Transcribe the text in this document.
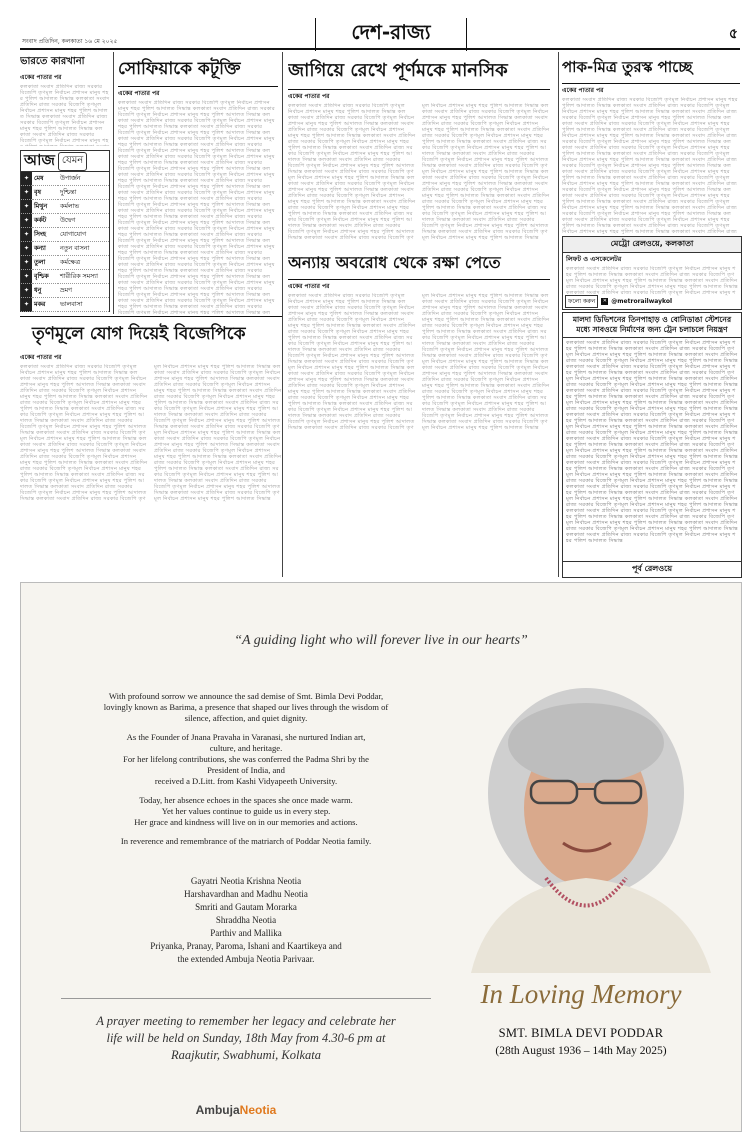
সংবাদ প্রতিদিন, কলকাতা ১৬ মে ২০২৫	দেশ-রাজ্য	৫
ভারতে কারখানা
একের পাতার পর
কলকাতা সংবাদ প্রতিদিন রাজ্য সরকার বিজেপি তৃণমূল নির্বাচন প্রশাসন মানুষ শহর পুলিশ আদালত সিদ্ধান্ত কলকাতা সংবাদ প্রতিদিন রাজ্য সরকার বিজেপি তৃণমূল নির্বাচন প্রশাসন মানুষ শহর পুলিশ আদালত সিদ্ধান্ত কলকাতা সংবাদ প্রতিদিন রাজ্য সরকার বিজেপি তৃণমূল নির্বাচন প্রশাসন মানুষ শহর পুলিশ আদালত সিদ্ধান্ত কলকাতা সংবাদ প্রতিদিন রাজ্য সরকার বিজেপি তৃণমূল নির্বাচন প্রশাসন মানুষ শহর পুলিশ আদালত সিদ্ধান্ত কলকাতা সংবাদ প্রতিদিন রাজ্য সরকার বিজেপি তৃণমূল নির্বাচন প্রশাসন মানুষ শহর পুলিশ আদালত সিদ্ধান্ত কলকাতা সংবাদ প্রতিদিন রাজ্য সরকার বিজেপি তৃণমূল নির্বাচন প্রশাসন মানুষ শহর পুলিশ আদালত সিদ্ধান্ত কলকাতা সংবাদ প্রতিদিন রাজ্য সরকার বিজেপি তৃণমূল নির্বাচন প্রশাসন মানুষ শহর পুলিশ আদালত সিদ্ধান্ত কলকাতা সংবাদ প্রতিদিন রাজ্য সরকার বিজেপি তৃণমূল নির্বাচন প্রশাসন মানুষ শহর পুলিশ আদালত সিদ্ধান্ত কলকাতা সংবাদ প্রতিদিন রাজ্য সরকার বিজেপি তৃণমূল নির্বাচন প্রশাসন মানুষ শহর পুলিশ আদালত সিদ্ধান্ত কলকাতা সংবাদ প্রতিদিন রাজ্য সরকার বিজেপি তৃণমূল নির্বাচন প্রশাসন মানুষ শহর পুলিশ আদালত সিদ্ধান্ত কলকাতা সংবাদ প্রতিদিন রাজ্য সরকার বিজেপি তৃণমূল নির্বাচন প্রশাসন মানুষ শহর পুলিশ আদালত সিদ্ধান্ত কলকাতা সংবাদ প্রতিদিন রাজ্য সরকার বিজেপি তৃণমূল নির্বাচন প্রশাসন মানুষ শহর পুলিশ আদালত সিদ্ধান্ত কলকাতা সংবাদ প্রতিদিন রাজ্য সরকার বিজেপি তৃণমূল নির্বাচন প্রশাসন মানুষ শহর পুলিশ আদালত সিদ্ধান্ত কলকাতা সংবাদ প্রতিদিন রাজ্য সরকার বিজেপি তৃণমূল নির্বাচন প্রশাসন মানুষ শহর পুলিশ আদালত সিদ্ধান্ত কলকাতা সংবাদ প্রতিদিন রাজ্য সরকার বিজেপি তৃণমূল নির্বাচন প্রশাসন মানুষ শহর পুলিশ আদালত সিদ্ধান্ত কলকাতা সংবাদ প্রতিদিন রাজ্য সরকার বিজেপি তৃণমূল নির্বাচন প্রশাসন মানুষ শহর পুলিশ আদালত সিদ্ধান্ত কলকাতা সংবাদ প্রতিদিন রাজ্য সরকার বিজেপি তৃণমূল নির্বাচন প্রশাসন মানুষ শহর পুলিশ আদালত সিদ্ধান্ত কলকাতা সংবাদ প্রতিদিন রাজ্য সরকার বিজেপি তৃণমূল নির্বাচন প্রশাসন মানুষ শহর পুলিশ আদালত সিদ্ধান্ত কলকাতা সংবাদ প্রতিদিন রাজ্য সরকার বিজেপি তৃণমূল নির্বাচন প্রশাসন মানুষ শহর পুলিশ আদালত সিদ্ধান্ত কলকাতা সংবাদ প্রতিদিন রাজ্য সরকার বিজেপি তৃণমূল নির্বাচন প্রশাসন মানুষ শহর পুলিশ আদালত সিদ্ধান্ত কলকাতা সংবাদ প্রতিদিন রাজ্য সরকার বিজেপি তৃণমূল নির্বাচন প্রশাসন মানুষ শহর পুলিশ আদালত সিদ্ধান্ত কলকাতা সংবাদ প্রতিদিন রাজ্য সরকার বিজেপি তৃণমূল নির্বাচন প্রশাসন মানুষ শহর পুলিশ আদালত সিদ্ধান্ত কলকাতা সংবাদ প্রতিদিন রাজ্য সরকার বিজেপি তৃণমূল নির্বাচন প্রশাসন মানুষ শহর পুলিশ আদালত সিদ্ধান্ত কলকাতা সংবাদ প্রতিদিন রাজ্য সরকার বিজেপি তৃণমূল নির্বাচন প্রশাসন মানুষ শহর পুলিশ আদালত সিদ্ধান্ত কলকাতা সংবাদ প্রতিদিন রাজ্য সরকার বিজেপি তৃণমূল নির্বাচন প্রশাসন মানুষ শহর পুলিশ আদালত সিদ্ধান্ত
আজ যেমন
✦	মেষ	উপার্জন
✦	বৃষ	দুশ্চিন্তা
✦	মিথুন	কর্মলাভ
✦	কর্কট	উদ্বেগ
✦	সিংহ	যোগাযোগ
✦	কন্যা	নতুন বাসনা
✦	তুলা	কর্মক্ষেত্র
✦	বৃশ্চিক	শারীরিক সমস্যা
✦	ধনু	ভ্রমণ
✦	মকর	ভালবাসা

সোফিয়াকে কটূক্তি
একের পাতার পর
কলকাতা সংবাদ প্রতিদিন রাজ্য সরকার বিজেপি তৃণমূল নির্বাচন প্রশাসন মানুষ শহর পুলিশ আদালত সিদ্ধান্ত কলকাতা সংবাদ প্রতিদিন রাজ্য সরকার বিজেপি তৃণমূল নির্বাচন প্রশাসন মানুষ শহর পুলিশ আদালত সিদ্ধান্ত কলকাতা সংবাদ প্রতিদিন রাজ্য সরকার বিজেপি তৃণমূল নির্বাচন প্রশাসন মানুষ শহর পুলিশ আদালত সিদ্ধান্ত কলকাতা সংবাদ প্রতিদিন রাজ্য সরকার বিজেপি তৃণমূল নির্বাচন প্রশাসন মানুষ শহর পুলিশ আদালত সিদ্ধান্ত কলকাতা সংবাদ প্রতিদিন রাজ্য সরকার বিজেপি তৃণমূল নির্বাচন প্রশাসন মানুষ শহর পুলিশ আদালত সিদ্ধান্ত কলকাতা সংবাদ প্রতিদিন রাজ্য সরকার বিজেপি তৃণমূল নির্বাচন প্রশাসন মানুষ শহর পুলিশ আদালত সিদ্ধান্ত কলকাতা সংবাদ প্রতিদিন রাজ্য সরকার বিজেপি তৃণমূল নির্বাচন প্রশাসন মানুষ শহর পুলিশ আদালত সিদ্ধান্ত কলকাতা সংবাদ প্রতিদিন রাজ্য সরকার বিজেপি তৃণমূল নির্বাচন প্রশাসন মানুষ শহর পুলিশ আদালত সিদ্ধান্ত কলকাতা সংবাদ প্রতিদিন রাজ্য সরকার বিজেপি তৃণমূল নির্বাচন প্রশাসন মানুষ শহর পুলিশ আদালত সিদ্ধান্ত কলকাতা সংবাদ প্রতিদিন রাজ্য সরকার বিজেপি তৃণমূল নির্বাচন প্রশাসন মানুষ শহর পুলিশ আদালত সিদ্ধান্ত কলকাতা সংবাদ প্রতিদিন রাজ্য সরকার বিজেপি তৃণমূল নির্বাচন প্রশাসন মানুষ শহর পুলিশ আদালত সিদ্ধান্ত কলকাতা সংবাদ প্রতিদিন রাজ্য সরকার বিজেপি তৃণমূল নির্বাচন প্রশাসন মানুষ শহর পুলিশ আদালত সিদ্ধান্ত কলকাতা সংবাদ প্রতিদিন রাজ্য সরকার বিজেপি তৃণমূল নির্বাচন প্রশাসন মানুষ শহর পুলিশ আদালত সিদ্ধান্ত কলকাতা সংবাদ প্রতিদিন রাজ্য সরকার বিজেপি তৃণমূল নির্বাচন প্রশাসন মানুষ শহর পুলিশ আদালত সিদ্ধান্ত কলকাতা সংবাদ প্রতিদিন রাজ্য সরকার বিজেপি তৃণমূল নির্বাচন প্রশাসন মানুষ শহর পুলিশ আদালত সিদ্ধান্ত কলকাতা সংবাদ প্রতিদিন রাজ্য সরকার বিজেপি তৃণমূল নির্বাচন প্রশাসন মানুষ শহর পুলিশ আদালত সিদ্ধান্ত কলকাতা সংবাদ প্রতিদিন রাজ্য সরকার বিজেপি তৃণমূল নির্বাচন প্রশাসন মানুষ শহর পুলিশ আদালত সিদ্ধান্ত কলকাতা সংবাদ প্রতিদিন রাজ্য সরকার বিজেপি তৃণমূল নির্বাচন প্রশাসন মানুষ শহর পুলিশ আদালত সিদ্ধান্ত কলকাতা সংবাদ প্রতিদিন রাজ্য সরকার বিজেপি তৃণমূল নির্বাচন প্রশাসন মানুষ শহর পুলিশ আদালত সিদ্ধান্ত কলকাতা সংবাদ প্রতিদিন রাজ্য সরকার বিজেপি তৃণমূল নির্বাচন প্রশাসন মানুষ শহর পুলিশ আদালত সিদ্ধান্ত কলকাতা সংবাদ প্রতিদিন রাজ্য সরকার বিজেপি তৃণমূল নির্বাচন প্রশাসন মানুষ শহর পুলিশ আদালত সিদ্ধান্ত কলকাতা সংবাদ প্রতিদিন রাজ্য সরকার বিজেপি তৃণমূল নির্বাচন প্রশাসন মানুষ শহর পুলিশ আদালত সিদ্ধান্ত কলকাতা সংবাদ প্রতিদিন রাজ্য সরকার বিজেপি তৃণমূল নির্বাচন প্রশাসন মানুষ শহর পুলিশ আদালত সিদ্ধান্ত কলকাতা সংবাদ প্রতিদিন রাজ্য সরকার বিজেপি তৃণমূল নির্বাচন প্রশাসন মানুষ শহর পুলিশ আদালত সিদ্ধান্ত কলকাতা সংবাদ প্রতিদিন রাজ্য সরকার বিজেপি তৃণমূল নির্বাচন প্রশাসন মানুষ শহর পুলিশ আদালত সিদ্ধান্ত
জাগিয়ে রেখে পূর্ণমকে মানসিক
একের পাতার পর
কলকাতা সংবাদ প্রতিদিন রাজ্য সরকার বিজেপি তৃণমূল নির্বাচন প্রশাসন মানুষ শহর পুলিশ আদালত সিদ্ধান্ত কলকাতা সংবাদ প্রতিদিন রাজ্য সরকার বিজেপি তৃণমূল নির্বাচন প্রশাসন মানুষ শহর পুলিশ আদালত সিদ্ধান্ত কলকাতা সংবাদ প্রতিদিন রাজ্য সরকার বিজেপি তৃণমূল নির্বাচন প্রশাসন মানুষ শহর পুলিশ আদালত সিদ্ধান্ত কলকাতা সংবাদ প্রতিদিন রাজ্য সরকার বিজেপি তৃণমূল নির্বাচন প্রশাসন মানুষ শহর পুলিশ আদালত সিদ্ধান্ত কলকাতা সংবাদ প্রতিদিন রাজ্য সরকার বিজেপি তৃণমূল নির্বাচন প্রশাসন মানুষ শহর পুলিশ আদালত সিদ্ধান্ত কলকাতা সংবাদ প্রতিদিন রাজ্য সরকার বিজেপি তৃণমূল নির্বাচন প্রশাসন মানুষ শহর পুলিশ আদালত সিদ্ধান্ত কলকাতা সংবাদ প্রতিদিন রাজ্য সরকার বিজেপি তৃণমূল নির্বাচন প্রশাসন মানুষ শহর পুলিশ আদালত সিদ্ধান্ত কলকাতা সংবাদ প্রতিদিন রাজ্য সরকার বিজেপি তৃণমূল নির্বাচন প্রশাসন মানুষ শহর পুলিশ আদালত সিদ্ধান্ত কলকাতা সংবাদ প্রতিদিন রাজ্য সরকার বিজেপি তৃণমূল নির্বাচন প্রশাসন মানুষ শহর পুলিশ আদালত সিদ্ধান্ত কলকাতা সংবাদ প্রতিদিন রাজ্য সরকার বিজেপি তৃণমূল নির্বাচন প্রশাসন মানুষ শহর পুলিশ আদালত সিদ্ধান্ত কলকাতা সংবাদ প্রতিদিন রাজ্য সরকার বিজেপি তৃণমূল নির্বাচন প্রশাসন মানুষ শহর পুলিশ আদালত সিদ্ধান্ত কলকাতা সংবাদ প্রতিদিন রাজ্য সরকার বিজেপি তৃণমূল নির্বাচন প্রশাসন মানুষ শহর পুলিশ আদালত সিদ্ধান্ত কলকাতা সংবাদ প্রতিদিন রাজ্য সরকার বিজেপি তৃণমূল নির্বাচন প্রশাসন মানুষ শহর পুলিশ আদালত সিদ্ধান্ত কলকাতা সংবাদ প্রতিদিন রাজ্য সরকার বিজেপি তৃণমূল নির্বাচন প্রশাসন মানুষ শহর পুলিশ আদালত সিদ্ধান্ত কলকাতা সংবাদ প্রতিদিন রাজ্য সরকার বিজেপি তৃণমূল নির্বাচন প্রশাসন মানুষ শহর পুলিশ আদালত সিদ্ধান্ত কলকাতা সংবাদ প্রতিদিন রাজ্য সরকার বিজেপি তৃণমূল নির্বাচন প্রশাসন মানুষ শহর পুলিশ আদালত সিদ্ধান্ত কলকাতা সংবাদ প্রতিদিন রাজ্য সরকার বিজেপি তৃণমূল নির্বাচন প্রশাসন মানুষ শহর পুলিশ আদালত সিদ্ধান্ত কলকাতা সংবাদ প্রতিদিন রাজ্য সরকার বিজেপি তৃণমূল নির্বাচন প্রশাসন মানুষ শহর পুলিশ আদালত সিদ্ধান্ত কলকাতা সংবাদ প্রতিদিন রাজ্য সরকার বিজেপি তৃণমূল নির্বাচন প্রশাসন মানুষ শহর পুলিশ আদালত সিদ্ধান্ত কলকাতা সংবাদ প্রতিদিন রাজ্য সরকার বিজেপি তৃণমূল নির্বাচন প্রশাসন মানুষ শহর পুলিশ আদালত সিদ্ধান্ত কলকাতা সংবাদ প্রতিদিন রাজ্য সরকার বিজেপি তৃণমূল নির্বাচন প্রশাসন মানুষ শহর পুলিশ আদালত সিদ্ধান্ত কলকাতা সংবাদ প্রতিদিন রাজ্য সরকার বিজেপি তৃণমূল নির্বাচন প্রশাসন মানুষ শহর পুলিশ আদালত সিদ্ধান্ত কলকাতা সংবাদ প্রতিদিন রাজ্য সরকার বিজেপি তৃণমূল নির্বাচন প্রশাসন মানুষ শহর পুলিশ আদালত সিদ্ধান্ত কলকাতা সংবাদ প্রতিদিন রাজ্য সরকার বিজেপি তৃণমূল নির্বাচন প্রশাসন মানুষ শহর পুলিশ আদালত সিদ্ধান্ত কলকাতা সংবাদ প্রতিদিন রাজ্য সরকার বিজেপি তৃণমূল নির্বাচন প্রশাসন মানুষ শহর পুলিশ আদালত সিদ্ধান্ত
অন্যায় অবরোধ থেকে রক্ষা পেতে
একের পাতার পর
কলকাতা সংবাদ প্রতিদিন রাজ্য সরকার বিজেপি তৃণমূল নির্বাচন প্রশাসন মানুষ শহর পুলিশ আদালত সিদ্ধান্ত কলকাতা সংবাদ প্রতিদিন রাজ্য সরকার বিজেপি তৃণমূল নির্বাচন প্রশাসন মানুষ শহর পুলিশ আদালত সিদ্ধান্ত কলকাতা সংবাদ প্রতিদিন রাজ্য সরকার বিজেপি তৃণমূল নির্বাচন প্রশাসন মানুষ শহর পুলিশ আদালত সিদ্ধান্ত কলকাতা সংবাদ প্রতিদিন রাজ্য সরকার বিজেপি তৃণমূল নির্বাচন প্রশাসন মানুষ শহর পুলিশ আদালত সিদ্ধান্ত কলকাতা সংবাদ প্রতিদিন রাজ্য সরকার বিজেপি তৃণমূল নির্বাচন প্রশাসন মানুষ শহর পুলিশ আদালত সিদ্ধান্ত কলকাতা সংবাদ প্রতিদিন রাজ্য সরকার বিজেপি তৃণমূল নির্বাচন প্রশাসন মানুষ শহর পুলিশ আদালত সিদ্ধান্ত কলকাতা সংবাদ প্রতিদিন রাজ্য সরকার বিজেপি তৃণমূল নির্বাচন প্রশাসন মানুষ শহর পুলিশ আদালত সিদ্ধান্ত কলকাতা সংবাদ প্রতিদিন রাজ্য সরকার বিজেপি তৃণমূল নির্বাচন প্রশাসন মানুষ শহর পুলিশ আদালত সিদ্ধান্ত কলকাতা সংবাদ প্রতিদিন রাজ্য সরকার বিজেপি তৃণমূল নির্বাচন প্রশাসন মানুষ শহর পুলিশ আদালত সিদ্ধান্ত কলকাতা সংবাদ প্রতিদিন রাজ্য সরকার বিজেপি তৃণমূল নির্বাচন প্রশাসন মানুষ শহর পুলিশ আদালত সিদ্ধান্ত কলকাতা সংবাদ প্রতিদিন রাজ্য সরকার বিজেপি তৃণমূল নির্বাচন প্রশাসন মানুষ শহর পুলিশ আদালত সিদ্ধান্ত কলকাতা সংবাদ প্রতিদিন রাজ্য সরকার বিজেপি তৃণমূল নির্বাচন প্রশাসন মানুষ শহর পুলিশ আদালত সিদ্ধান্ত কলকাতা সংবাদ প্রতিদিন রাজ্য সরকার বিজেপি তৃণমূল নির্বাচন প্রশাসন মানুষ শহর পুলিশ আদালত সিদ্ধান্ত কলকাতা সংবাদ প্রতিদিন রাজ্য সরকার বিজেপি তৃণমূল নির্বাচন প্রশাসন মানুষ শহর পুলিশ আদালত সিদ্ধান্ত কলকাতা সংবাদ প্রতিদিন রাজ্য সরকার বিজেপি তৃণমূল নির্বাচন প্রশাসন মানুষ শহর পুলিশ আদালত সিদ্ধান্ত কলকাতা সংবাদ প্রতিদিন রাজ্য সরকার বিজেপি তৃণমূল নির্বাচন প্রশাসন মানুষ শহর পুলিশ আদালত সিদ্ধান্ত কলকাতা সংবাদ প্রতিদিন রাজ্য সরকার বিজেপি তৃণমূল নির্বাচন প্রশাসন মানুষ শহর পুলিশ আদালত সিদ্ধান্ত কলকাতা সংবাদ প্রতিদিন রাজ্য সরকার বিজেপি তৃণমূল নির্বাচন প্রশাসন মানুষ শহর পুলিশ আদালত সিদ্ধান্ত কলকাতা সংবাদ প্রতিদিন রাজ্য সরকার বিজেপি তৃণমূল নির্বাচন প্রশাসন মানুষ শহর পুলিশ আদালত সিদ্ধান্ত কলকাতা সংবাদ প্রতিদিন রাজ্য সরকার বিজেপি তৃণমূল নির্বাচন প্রশাসন মানুষ শহর পুলিশ আদালত সিদ্ধান্ত কলকাতা সংবাদ প্রতিদিন রাজ্য সরকার বিজেপি তৃণমূল নির্বাচন প্রশাসন মানুষ শহর পুলিশ আদালত সিদ্ধান্ত কলকাতা সংবাদ প্রতিদিন রাজ্য সরকার বিজেপি তৃণমূল নির্বাচন প্রশাসন মানুষ শহর পুলিশ আদালত সিদ্ধান্ত কলকাতা সংবাদ প্রতিদিন রাজ্য সরকার বিজেপি তৃণমূল নির্বাচন প্রশাসন মানুষ শহর পুলিশ আদালত সিদ্ধান্ত কলকাতা সংবাদ প্রতিদিন রাজ্য সরকার বিজেপি তৃণমূল নির্বাচন প্রশাসন মানুষ শহর পুলিশ আদালত সিদ্ধান্ত কলকাতা সংবাদ প্রতিদিন রাজ্য সরকার বিজেপি তৃণমূল নির্বাচন প্রশাসন মানুষ শহর পুলিশ আদালত সিদ্ধান্ত
তৃণমূলে যোগ দিয়েই বিজেপিকে
একের পাতার পর
কলকাতা সংবাদ প্রতিদিন রাজ্য সরকার বিজেপি তৃণমূল নির্বাচন প্রশাসন মানুষ শহর পুলিশ আদালত সিদ্ধান্ত কলকাতা সংবাদ প্রতিদিন রাজ্য সরকার বিজেপি তৃণমূল নির্বাচন প্রশাসন মানুষ শহর পুলিশ আদালত সিদ্ধান্ত কলকাতা সংবাদ প্রতিদিন রাজ্য সরকার বিজেপি তৃণমূল নির্বাচন প্রশাসন মানুষ শহর পুলিশ আদালত সিদ্ধান্ত কলকাতা সংবাদ প্রতিদিন রাজ্য সরকার বিজেপি তৃণমূল নির্বাচন প্রশাসন মানুষ শহর পুলিশ আদালত সিদ্ধান্ত কলকাতা সংবাদ প্রতিদিন রাজ্য সরকার বিজেপি তৃণমূল নির্বাচন প্রশাসন মানুষ শহর পুলিশ আদালত সিদ্ধান্ত কলকাতা সংবাদ প্রতিদিন রাজ্য সরকার বিজেপি তৃণমূল নির্বাচন প্রশাসন মানুষ শহর পুলিশ আদালত সিদ্ধান্ত কলকাতা সংবাদ প্রতিদিন রাজ্য সরকার বিজেপি তৃণমূল নির্বাচন প্রশাসন মানুষ শহর পুলিশ আদালত সিদ্ধান্ত কলকাতা সংবাদ প্রতিদিন রাজ্য সরকার বিজেপি তৃণমূল নির্বাচন প্রশাসন মানুষ শহর পুলিশ আদালত সিদ্ধান্ত কলকাতা সংবাদ প্রতিদিন রাজ্য সরকার বিজেপি তৃণমূল নির্বাচন প্রশাসন মানুষ শহর পুলিশ আদালত সিদ্ধান্ত কলকাতা সংবাদ প্রতিদিন রাজ্য সরকার বিজেপি তৃণমূল নির্বাচন প্রশাসন মানুষ শহর পুলিশ আদালত সিদ্ধান্ত কলকাতা সংবাদ প্রতিদিন রাজ্য সরকার বিজেপি তৃণমূল নির্বাচন প্রশাসন মানুষ শহর পুলিশ আদালত সিদ্ধান্ত কলকাতা সংবাদ প্রতিদিন রাজ্য সরকার বিজেপি তৃণমূল নির্বাচন প্রশাসন মানুষ শহর পুলিশ আদালত সিদ্ধান্ত কলকাতা সংবাদ প্রতিদিন রাজ্য সরকার বিজেপি তৃণমূল নির্বাচন প্রশাসন মানুষ শহর পুলিশ আদালত সিদ্ধান্ত কলকাতা সংবাদ প্রতিদিন রাজ্য সরকার বিজেপি তৃণমূল নির্বাচন প্রশাসন মানুষ শহর পুলিশ আদালত সিদ্ধান্ত কলকাতা সংবাদ প্রতিদিন রাজ্য সরকার বিজেপি তৃণমূল নির্বাচন প্রশাসন মানুষ শহর পুলিশ আদালত সিদ্ধান্ত কলকাতা সংবাদ প্রতিদিন রাজ্য সরকার বিজেপি তৃণমূল নির্বাচন প্রশাসন মানুষ শহর পুলিশ আদালত সিদ্ধান্ত কলকাতা সংবাদ প্রতিদিন রাজ্য সরকার বিজেপি তৃণমূল নির্বাচন প্রশাসন মানুষ শহর পুলিশ আদালত সিদ্ধান্ত কলকাতা সংবাদ প্রতিদিন রাজ্য সরকার বিজেপি তৃণমূল নির্বাচন প্রশাসন মানুষ শহর পুলিশ আদালত সিদ্ধান্ত কলকাতা সংবাদ প্রতিদিন রাজ্য সরকার বিজেপি তৃণমূল নির্বাচন প্রশাসন মানুষ শহর পুলিশ আদালত সিদ্ধান্ত কলকাতা সংবাদ প্রতিদিন রাজ্য সরকার বিজেপি তৃণমূল নির্বাচন প্রশাসন মানুষ শহর পুলিশ আদালত সিদ্ধান্ত কলকাতা সংবাদ প্রতিদিন রাজ্য সরকার বিজেপি তৃণমূল নির্বাচন প্রশাসন মানুষ শহর পুলিশ আদালত সিদ্ধান্ত কলকাতা সংবাদ প্রতিদিন রাজ্য সরকার বিজেপি তৃণমূল নির্বাচন প্রশাসন মানুষ শহর পুলিশ আদালত সিদ্ধান্ত কলকাতা সংবাদ প্রতিদিন রাজ্য সরকার বিজেপি তৃণমূল নির্বাচন প্রশাসন মানুষ শহর পুলিশ আদালত সিদ্ধান্ত কলকাতা সংবাদ প্রতিদিন রাজ্য সরকার বিজেপি তৃণমূল নির্বাচন প্রশাসন মানুষ শহর পুলিশ আদালত সিদ্ধান্ত কলকাতা সংবাদ প্রতিদিন রাজ্য সরকার বিজেপি তৃণমূল নির্বাচন প্রশাসন মানুষ শহর পুলিশ আদালত সিদ্ধান্ত
পাক-মিত্র তুরস্ক পাচ্ছে
একের পাতার পর
কলকাতা সংবাদ প্রতিদিন রাজ্য সরকার বিজেপি তৃণমূল নির্বাচন প্রশাসন মানুষ শহর পুলিশ আদালত সিদ্ধান্ত কলকাতা সংবাদ প্রতিদিন রাজ্য সরকার বিজেপি তৃণমূল নির্বাচন প্রশাসন মানুষ শহর পুলিশ আদালত সিদ্ধান্ত কলকাতা সংবাদ প্রতিদিন রাজ্য সরকার বিজেপি তৃণমূল নির্বাচন প্রশাসন মানুষ শহর পুলিশ আদালত সিদ্ধান্ত কলকাতা সংবাদ প্রতিদিন রাজ্য সরকার বিজেপি তৃণমূল নির্বাচন প্রশাসন মানুষ শহর পুলিশ আদালত সিদ্ধান্ত কলকাতা সংবাদ প্রতিদিন রাজ্য সরকার বিজেপি তৃণমূল নির্বাচন প্রশাসন মানুষ শহর পুলিশ আদালত সিদ্ধান্ত কলকাতা সংবাদ প্রতিদিন রাজ্য সরকার বিজেপি তৃণমূল নির্বাচন প্রশাসন মানুষ শহর পুলিশ আদালত সিদ্ধান্ত কলকাতা সংবাদ প্রতিদিন রাজ্য সরকার বিজেপি তৃণমূল নির্বাচন প্রশাসন মানুষ শহর পুলিশ আদালত সিদ্ধান্ত কলকাতা সংবাদ প্রতিদিন রাজ্য সরকার বিজেপি তৃণমূল নির্বাচন প্রশাসন মানুষ শহর পুলিশ আদালত সিদ্ধান্ত কলকাতা সংবাদ প্রতিদিন রাজ্য সরকার বিজেপি তৃণমূল নির্বাচন প্রশাসন মানুষ শহর পুলিশ আদালত সিদ্ধান্ত কলকাতা সংবাদ প্রতিদিন রাজ্য সরকার বিজেপি তৃণমূল নির্বাচন প্রশাসন মানুষ শহর পুলিশ আদালত সিদ্ধান্ত কলকাতা সংবাদ প্রতিদিন রাজ্য সরকার বিজেপি তৃণমূল নির্বাচন প্রশাসন মানুষ শহর পুলিশ আদালত সিদ্ধান্ত কলকাতা সংবাদ প্রতিদিন রাজ্য সরকার বিজেপি তৃণমূল নির্বাচন প্রশাসন মানুষ শহর পুলিশ আদালত সিদ্ধান্ত কলকাতা সংবাদ প্রতিদিন রাজ্য সরকার বিজেপি তৃণমূল নির্বাচন প্রশাসন মানুষ শহর পুলিশ আদালত সিদ্ধান্ত কলকাতা সংবাদ প্রতিদিন রাজ্য সরকার বিজেপি তৃণমূল নির্বাচন প্রশাসন মানুষ শহর পুলিশ আদালত সিদ্ধান্ত কলকাতা সংবাদ প্রতিদিন রাজ্য সরকার বিজেপি তৃণমূল নির্বাচন প্রশাসন মানুষ শহর পুলিশ আদালত সিদ্ধান্ত কলকাতা সংবাদ প্রতিদিন রাজ্য সরকার বিজেপি তৃণমূল নির্বাচন প্রশাসন মানুষ শহর পুলিশ আদালত সিদ্ধান্ত কলকাতা সংবাদ প্রতিদিন রাজ্য সরকার বিজেপি তৃণমূল নির্বাচন প্রশাসন মানুষ শহর পুলিশ আদালত সিদ্ধান্ত কলকাতা সংবাদ প্রতিদিন রাজ্য সরকার বিজেপি তৃণমূল নির্বাচন প্রশাসন মানুষ শহর পুলিশ আদালত সিদ্ধান্ত কলকাতা সংবাদ প্রতিদিন রাজ্য সরকার বিজেপি তৃণমূল নির্বাচন প্রশাসন মানুষ শহর পুলিশ আদালত সিদ্ধান্ত কলকাতা সংবাদ প্রতিদিন রাজ্য সরকার বিজেপি তৃণমূল নির্বাচন প্রশাসন মানুষ শহর পুলিশ আদালত সিদ্ধান্ত কলকাতা সংবাদ প্রতিদিন রাজ্য সরকার বিজেপি তৃণমূল নির্বাচন প্রশাসন মানুষ শহর পুলিশ আদালত সিদ্ধান্ত কলকাতা সংবাদ প্রতিদিন রাজ্য সরকার বিজেপি তৃণমূল নির্বাচন প্রশাসন মানুষ শহর পুলিশ আদালত সিদ্ধান্ত কলকাতা সংবাদ প্রতিদিন রাজ্য সরকার বিজেপি তৃণমূল নির্বাচন প্রশাসন মানুষ শহর পুলিশ আদালত সিদ্ধান্ত কলকাতা সংবাদ প্রতিদিন রাজ্য সরকার বিজেপি তৃণমূল নির্বাচন প্রশাসন মানুষ শহর পুলিশ আদালত সিদ্ধান্ত কলকাতা সংবাদ প্রতিদিন রাজ্য সরকার বিজেপি তৃণমূল নির্বাচন প্রশাসন মানুষ শহর পুলিশ আদালত সিদ্ধান্ত
মেট্রো রেলওয়ে, কলকাতা
লিফট ও এসকেলেটর
কলকাতা সংবাদ প্রতিদিন রাজ্য সরকার বিজেপি তৃণমূল নির্বাচন প্রশাসন মানুষ শহর পুলিশ আদালত সিদ্ধান্ত কলকাতা সংবাদ প্রতিদিন রাজ্য সরকার বিজেপি তৃণমূল নির্বাচন প্রশাসন মানুষ শহর পুলিশ আদালত সিদ্ধান্ত কলকাতা সংবাদ প্রতিদিন রাজ্য সরকার বিজেপি তৃণমূল নির্বাচন প্রশাসন মানুষ শহর পুলিশ আদালত সিদ্ধান্ত কলকাতা সংবাদ প্রতিদিন রাজ্য সরকার বিজেপি তৃণমূল নির্বাচন প্রশাসন মানুষ শহর পুলিশ আদালত সিদ্ধান্ত কলকাতা সংবাদ প্রতিদিন রাজ্য সরকার বিজেপি তৃণমূল নির্বাচন প্রশাসন মানুষ শহর পুলিশ আদালত সিদ্ধান্ত কলকাতা সংবাদ প্রতিদিন রাজ্য সরকার বিজেপি তৃণমূল নির্বাচন প্রশাসন মানুষ শহর পুলিশ আদালত সিদ্ধান্ত কলকাতা সংবাদ প্রতিদিন রাজ্য সরকার বিজেপি তৃণমূল নির্বাচন প্রশাসন মানুষ শহর পুলিশ আদালত সিদ্ধান্ত কলকাতা সংবাদ প্রতিদিন রাজ্য সরকার বিজেপি তৃণমূল নির্বাচন প্রশাসন মানুষ শহর পুলিশ আদালত সিদ্ধান্ত কলকাতা সংবাদ প্রতিদিন রাজ্য সরকার বিজেপি তৃণমূল নির্বাচন প্রশাসন মানুষ শহর পুলিশ আদালত সিদ্ধান্ত কলকাতা সংবাদ প্রতিদিন রাজ্য সরকার বিজেপি তৃণমূল নির্বাচন প্রশাসন মানুষ শহর পুলিশ আদালত সিদ্ধান্ত কলকাতা সংবাদ প্রতিদিন রাজ্য সরকার বিজেপি তৃণমূল নির্বাচন প্রশাসন মানুষ শহর পুলিশ আদালত সিদ্ধান্ত কলকাতা সংবাদ প্রতিদিন রাজ্য সরকার বিজেপি তৃণমূল নির্বাচন প্রশাসন মানুষ শহর পুলিশ আদালত সিদ্ধান্ত কলকাতা সংবাদ প্রতিদিন রাজ্য সরকার বিজেপি তৃণমূল নির্বাচন প্রশাসন মানুষ শহর পুলিশ আদালত সিদ্ধান্ত কলকাতা সংবাদ প্রতিদিন রাজ্য সরকার বিজেপি তৃণমূল নির্বাচন প্রশাসন মানুষ শহর পুলিশ আদালত সিদ্ধান্ত কলকাতা সংবাদ প্রতিদিন রাজ্য সরকার বিজেপি তৃণমূল নির্বাচন প্রশাসন মানুষ শহর পুলিশ আদালত সিদ্ধান্ত কলকাতা সংবাদ প্রতিদিন রাজ্য সরকার বিজেপি তৃণমূল নির্বাচন প্রশাসন মানুষ শহর পুলিশ আদালত সিদ্ধান্ত কলকাতা সংবাদ প্রতিদিন রাজ্য সরকার বিজেপি তৃণমূল নির্বাচন প্রশাসন মানুষ শহর পুলিশ আদালত সিদ্ধান্ত কলকাতা সংবাদ প্রতিদিন রাজ্য সরকার বিজেপি তৃণমূল নির্বাচন প্রশাসন মানুষ শহর পুলিশ আদালত সিদ্ধান্ত কলকাতা সংবাদ প্রতিদিন রাজ্য সরকার বিজেপি তৃণমূল নির্বাচন প্রশাসন মানুষ শহর পুলিশ আদালত সিদ্ধান্ত কলকাতা সংবাদ প্রতিদিন রাজ্য সরকার বিজেপি তৃণমূল নির্বাচন প্রশাসন মানুষ শহর পুলিশ আদালত সিদ্ধান্ত কলকাতা সংবাদ প্রতিদিন রাজ্য সরকার বিজেপি তৃণমূল নির্বাচন প্রশাসন মানুষ শহর পুলিশ আদালত সিদ্ধান্ত কলকাতা সংবাদ প্রতিদিন রাজ্য সরকার বিজেপি তৃণমূল নির্বাচন প্রশাসন মানুষ শহর পুলিশ আদালত সিদ্ধান্ত কলকাতা সংবাদ প্রতিদিন রাজ্য সরকার বিজেপি তৃণমূল নির্বাচন প্রশাসন মানুষ শহর পুলিশ আদালত সিদ্ধান্ত কলকাতা সংবাদ প্রতিদিন রাজ্য সরকার বিজেপি তৃণমূল নির্বাচন প্রশাসন মানুষ শহর পুলিশ আদালত সিদ্ধান্ত কলকাতা সংবাদ প্রতিদিন রাজ্য সরকার বিজেপি তৃণমূল নির্বাচন প্রশাসন মানুষ শহর পুলিশ আদালত সিদ্ধান্ত
ফলো করুন	✕ @metrorailwaykol
মালদা ডিভিশনের তিনপাহাড় ও বোনিডাঙা স্টেশনের মধ্যে সাবওয়ে নির্মাণের জন্য ট্রেন চলাচলে নিয়ন্ত্রণ
কলকাতা সংবাদ প্রতিদিন রাজ্য সরকার বিজেপি তৃণমূল নির্বাচন প্রশাসন মানুষ শহর পুলিশ আদালত সিদ্ধান্ত কলকাতা সংবাদ প্রতিদিন রাজ্য সরকার বিজেপি তৃণমূল নির্বাচন প্রশাসন মানুষ শহর পুলিশ আদালত সিদ্ধান্ত কলকাতা সংবাদ প্রতিদিন রাজ্য সরকার বিজেপি তৃণমূল নির্বাচন প্রশাসন মানুষ শহর পুলিশ আদালত সিদ্ধান্ত কলকাতা সংবাদ প্রতিদিন রাজ্য সরকার বিজেপি তৃণমূল নির্বাচন প্রশাসন মানুষ শহর পুলিশ আদালত সিদ্ধান্ত কলকাতা সংবাদ প্রতিদিন রাজ্য সরকার বিজেপি তৃণমূল নির্বাচন প্রশাসন মানুষ শহর পুলিশ আদালত সিদ্ধান্ত কলকাতা সংবাদ প্রতিদিন রাজ্য সরকার বিজেপি তৃণমূল নির্বাচন প্রশাসন মানুষ শহর পুলিশ আদালত সিদ্ধান্ত কলকাতা সংবাদ প্রতিদিন রাজ্য সরকার বিজেপি তৃণমূল নির্বাচন প্রশাসন মানুষ শহর পুলিশ আদালত সিদ্ধান্ত কলকাতা সংবাদ প্রতিদিন রাজ্য সরকার বিজেপি তৃণমূল নির্বাচন প্রশাসন মানুষ শহর পুলিশ আদালত সিদ্ধান্ত কলকাতা সংবাদ প্রতিদিন রাজ্য সরকার বিজেপি তৃণমূল নির্বাচন প্রশাসন মানুষ শহর পুলিশ আদালত সিদ্ধান্ত কলকাতা সংবাদ প্রতিদিন রাজ্য সরকার বিজেপি তৃণমূল নির্বাচন প্রশাসন মানুষ শহর পুলিশ আদালত সিদ্ধান্ত কলকাতা সংবাদ প্রতিদিন রাজ্য সরকার বিজেপি তৃণমূল নির্বাচন প্রশাসন মানুষ শহর পুলিশ আদালত সিদ্ধান্ত কলকাতা সংবাদ প্রতিদিন রাজ্য সরকার বিজেপি তৃণমূল নির্বাচন প্রশাসন মানুষ শহর পুলিশ আদালত সিদ্ধান্ত কলকাতা সংবাদ প্রতিদিন রাজ্য সরকার বিজেপি তৃণমূল নির্বাচন প্রশাসন মানুষ শহর পুলিশ আদালত সিদ্ধান্ত কলকাতা সংবাদ প্রতিদিন রাজ্য সরকার বিজেপি তৃণমূল নির্বাচন প্রশাসন মানুষ শহর পুলিশ আদালত সিদ্ধান্ত কলকাতা সংবাদ প্রতিদিন রাজ্য সরকার বিজেপি তৃণমূল নির্বাচন প্রশাসন মানুষ শহর পুলিশ আদালত সিদ্ধান্ত কলকাতা সংবাদ প্রতিদিন রাজ্য সরকার বিজেপি তৃণমূল নির্বাচন প্রশাসন মানুষ শহর পুলিশ আদালত সিদ্ধান্ত কলকাতা সংবাদ প্রতিদিন রাজ্য সরকার বিজেপি তৃণমূল নির্বাচন প্রশাসন মানুষ শহর পুলিশ আদালত সিদ্ধান্ত কলকাতা সংবাদ প্রতিদিন রাজ্য সরকার বিজেপি তৃণমূল নির্বাচন প্রশাসন মানুষ শহর পুলিশ আদালত সিদ্ধান্ত কলকাতা সংবাদ প্রতিদিন রাজ্য সরকার বিজেপি তৃণমূল নির্বাচন প্রশাসন মানুষ শহর পুলিশ আদালত সিদ্ধান্ত কলকাতা সংবাদ প্রতিদিন রাজ্য সরকার বিজেপি তৃণমূল নির্বাচন প্রশাসন মানুষ শহর পুলিশ আদালত সিদ্ধান্ত কলকাতা সংবাদ প্রতিদিন রাজ্য সরকার বিজেপি তৃণমূল নির্বাচন প্রশাসন মানুষ শহর পুলিশ আদালত সিদ্ধান্ত কলকাতা সংবাদ প্রতিদিন রাজ্য সরকার বিজেপি তৃণমূল নির্বাচন প্রশাসন মানুষ শহর পুলিশ আদালত সিদ্ধান্ত কলকাতা সংবাদ প্রতিদিন রাজ্য সরকার বিজেপি তৃণমূল নির্বাচন প্রশাসন মানুষ শহর পুলিশ আদালত সিদ্ধান্ত কলকাতা সংবাদ প্রতিদিন রাজ্য সরকার বিজেপি তৃণমূল নির্বাচন প্রশাসন মানুষ শহর পুলিশ আদালত সিদ্ধান্ত কলকাতা সংবাদ প্রতিদিন রাজ্য সরকার বিজেপি তৃণমূল নির্বাচন প্রশাসন মানুষ শহর পুলিশ আদালত সিদ্ধান্ত
পূর্ব রেলওয়ে
“A guiding light who will forever live in our hearts”
With profound sorrow we announce the sad demise of Smt. Bimla Devi Poddar,
lovingly known as Barima, a presence that shaped our lives through the wisdom of
silence, affection, and quiet dignity.
As the Founder of Jnana Pravaha in Varanasi, she nurtured Indian art,
culture, and heritage.
For her lifelong contributions, she was conferred the Padma Shri by the
President of India, and
received a D.Litt. from Kashi Vidyapeeth University.
Today, her absence echoes in the spaces she once made warm.
Yet her values continue to guide us in every step.
Her grace and kindness will live on in our memories and actions.
In reverence and remembrance of the matriarch of Poddar Neotia family.
Gayatri Neotia Krishna Neotia
Harshavardhan and Madhu Neotia
Smriti and Gautam Morarka
Shraddha Neotia
Parthiv and Mallika
Priyanka, Pranay, Paroma, Ishani and Kaartikeya and
the extended Ambuja Neotia Parivaar.
A prayer meeting to remember her legacy and celebrate her
life will be held on Sunday, 18th May from 4.30-6 pm at
Raajkutir, Swabhumi, Kolkata
In Loving Memory
SMT. BIMLA DEVI PODDAR
(28th August 1936 – 14th May 2025)
AmbujaNeotia
